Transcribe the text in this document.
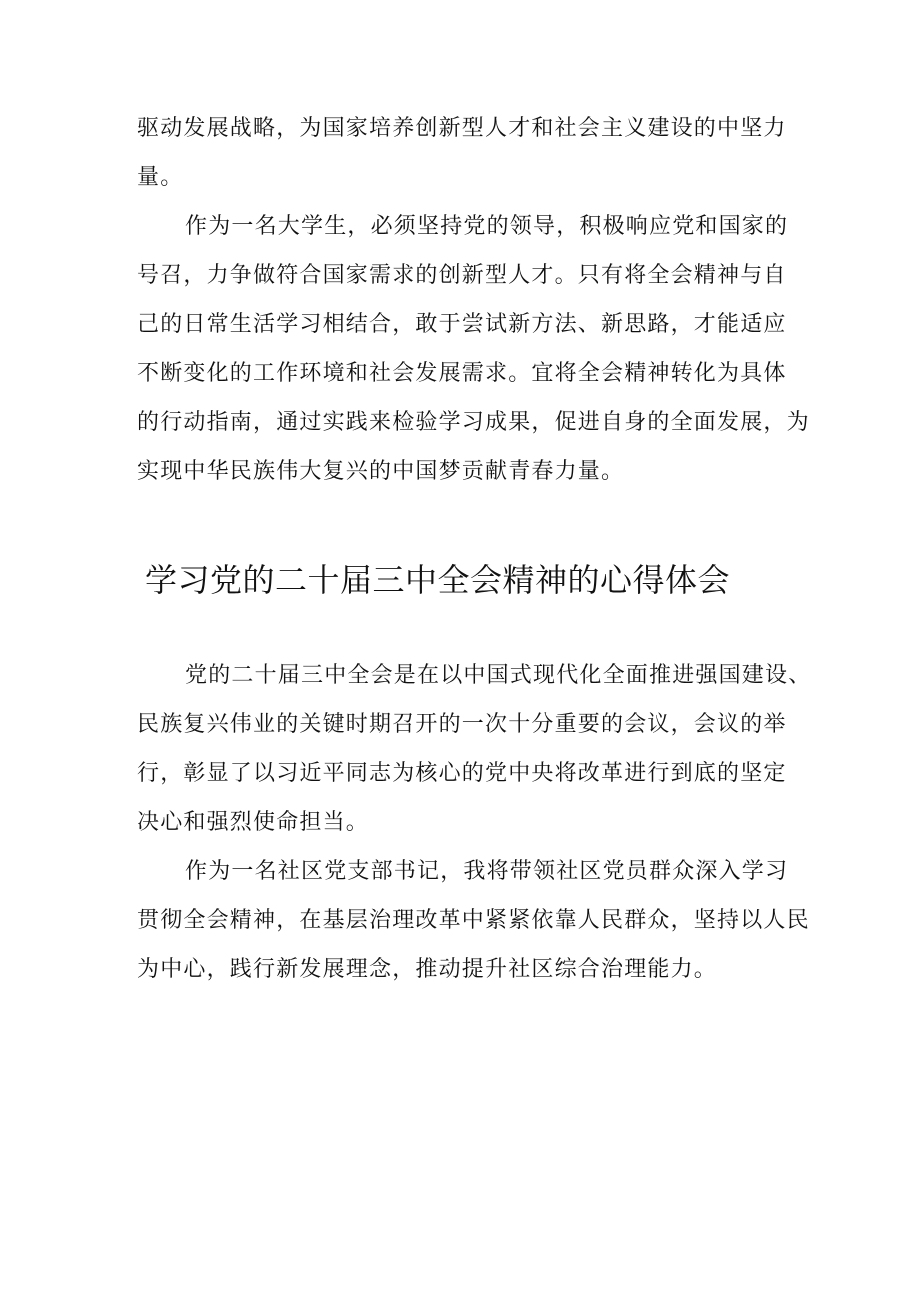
驱动发展战略，为国家培养创新型人才和社会主义建设的中坚力
量。
作为一名大学生，必须坚持党的领导，积极响应党和国家的
号召，力争做符合国家需求的创新型人才。只有将全会精神与自
己的日常生活学习相结合，敢于尝试新方法、新思路，才能适应
不断变化的工作环境和社会发展需求。宜将全会精神转化为具体
的行动指南，通过实践来检验学习成果，促进自身的全面发展，为
实现中华民族伟大复兴的中国梦贡献青春力量。
学习党的二十届三中全会精神的心得体会
党的二十届三中全会是在以中国式现代化全面推进强国建设、
民族复兴伟业的关键时期召开的一次十分重要的会议，会议的举
行，彰显了以习近平同志为核心的党中央将改革进行到底的坚定
决心和强烈使命担当。
作为一名社区党支部书记，我将带领社区党员群众深入学习
贯彻全会精神，在基层治理改革中紧紧依靠人民群众，坚持以人民
为中心，践行新发展理念，推动提升社区综合治理能力。
